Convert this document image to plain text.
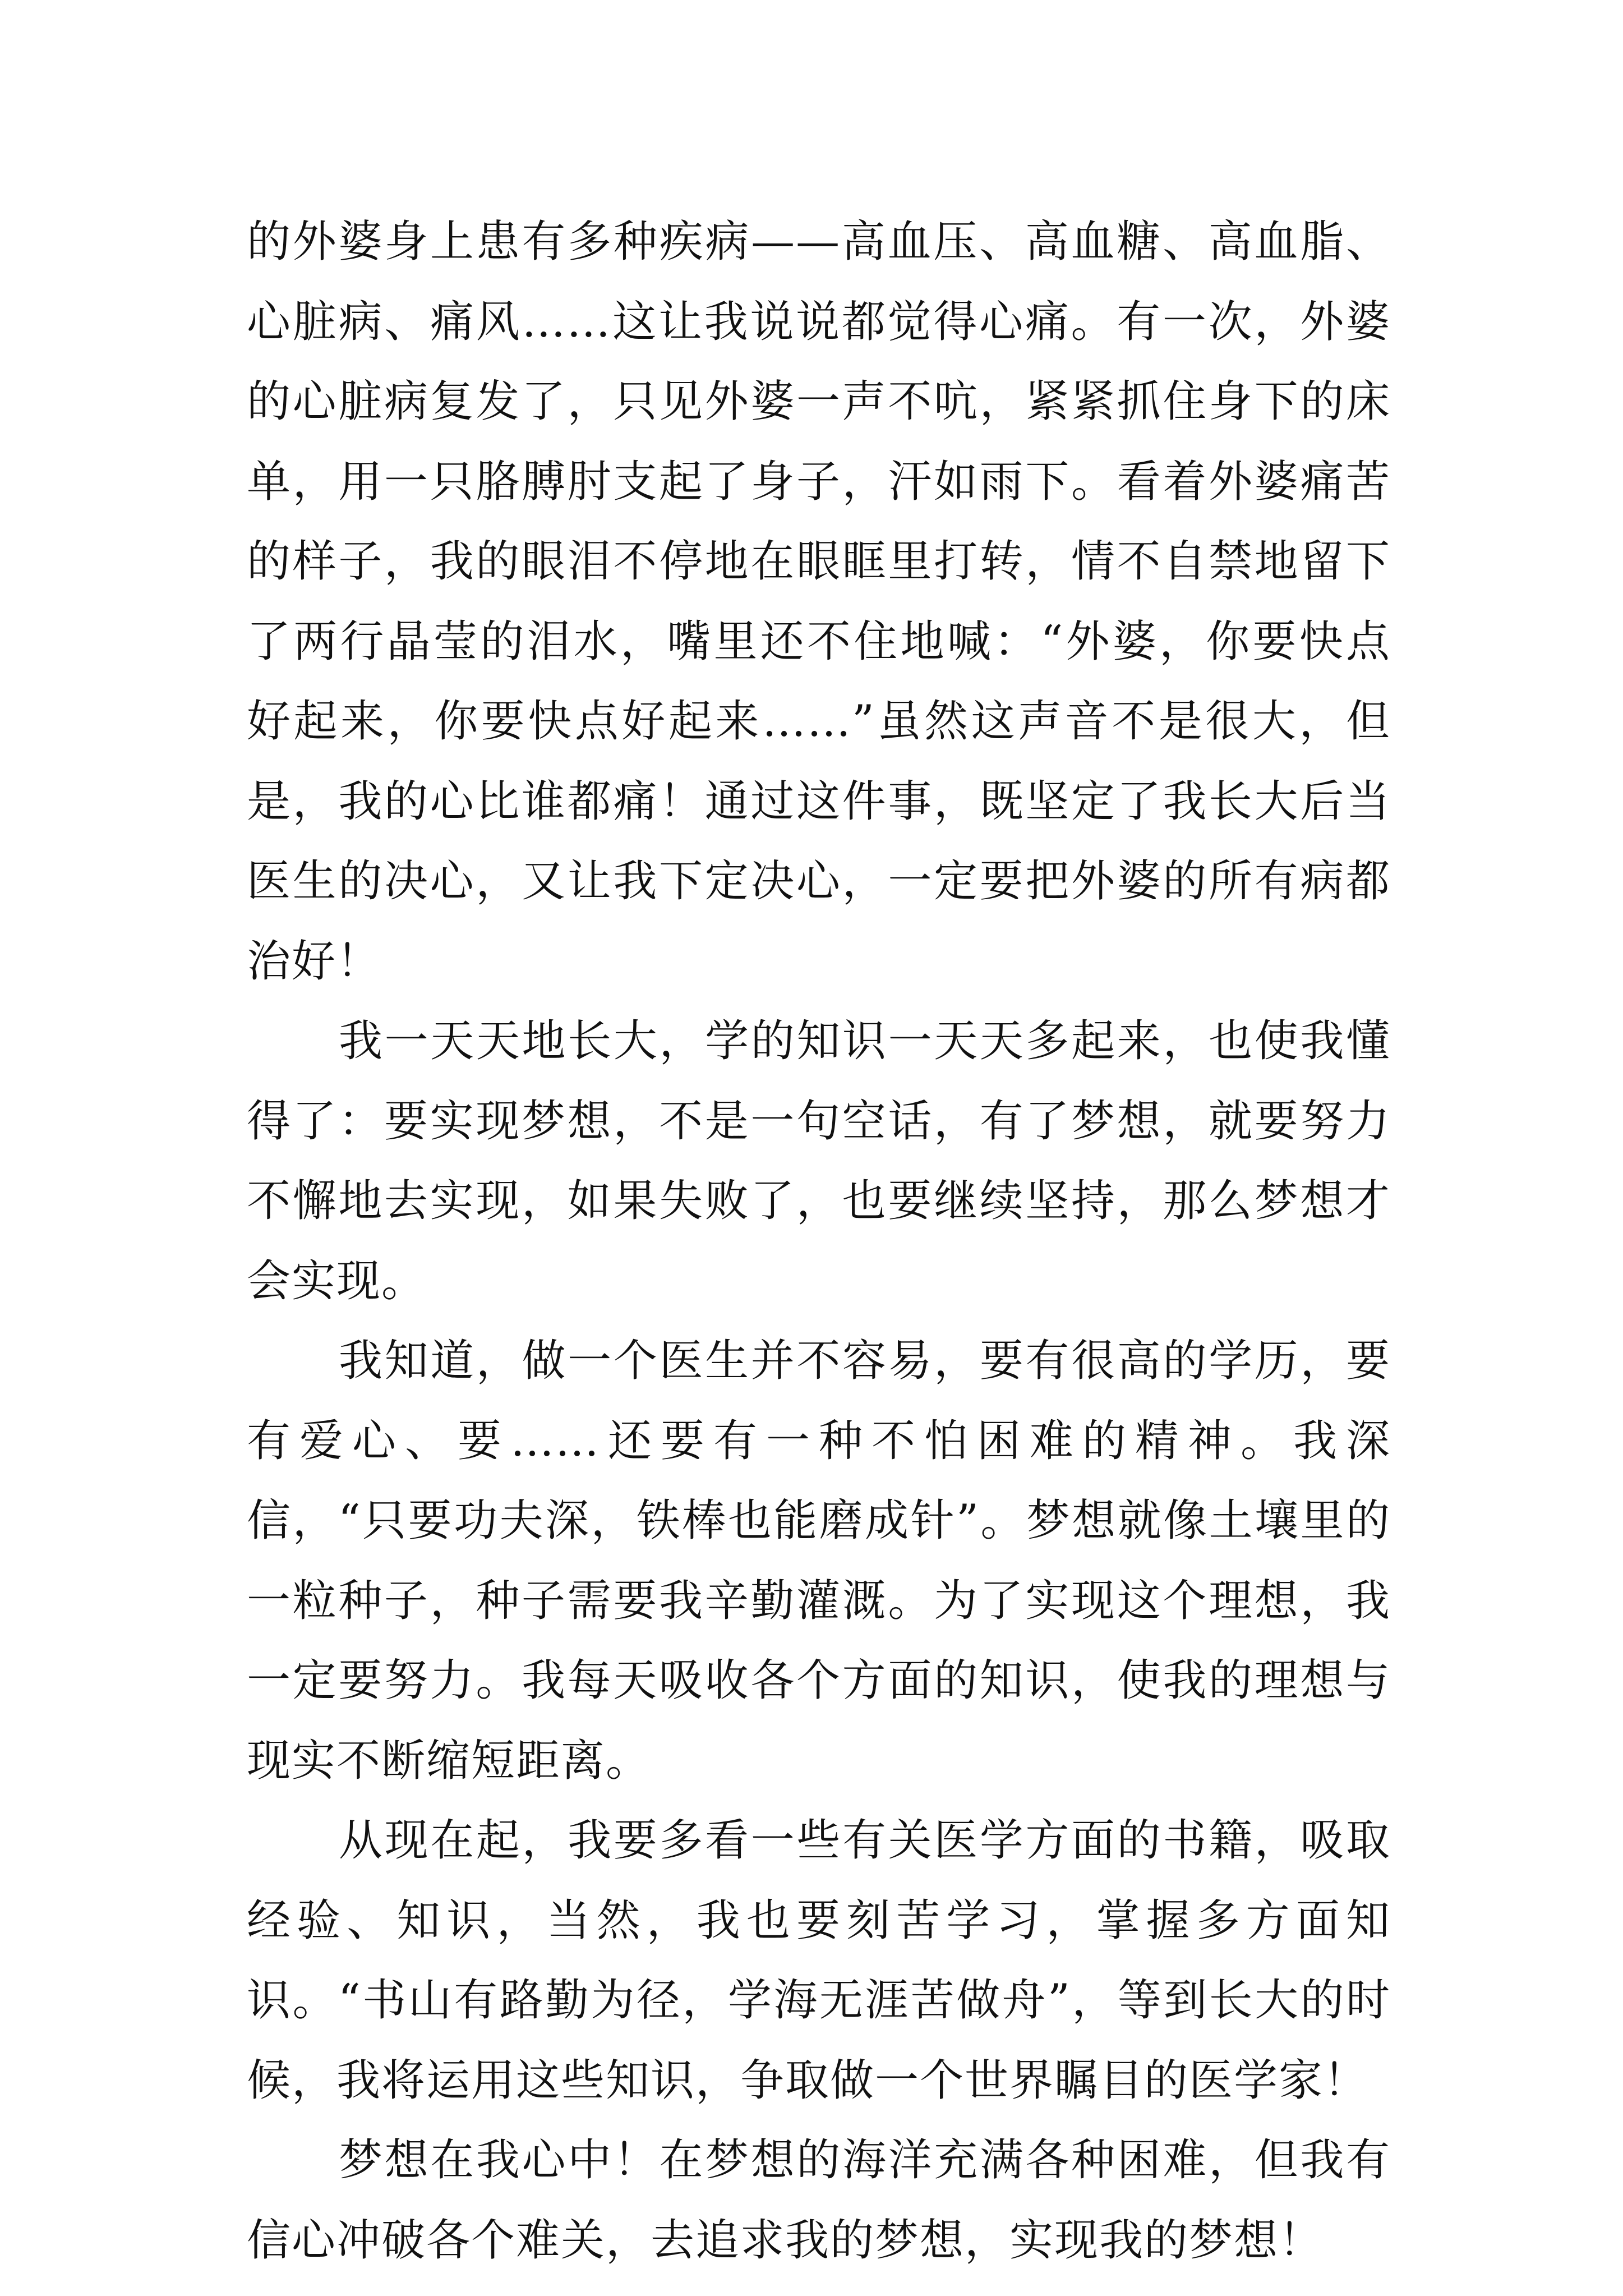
的外婆身上患有多种疾病——高血压、高血糖、高血脂、心脏病、痛风……这让我说说都觉得心痛。有一次，外婆的心脏病复发了，只见外婆一声不吭，紧紧抓住身下的床单，用一只胳膊肘支起了身子，汗如雨下。看着外婆痛苦的样子，我的眼泪不停地在眼眶里打转，情不自禁地留下了两行晶莹的泪水，嘴里还不住地喊：“外婆，你要快点好起来，你要快点好起来……”虽然这声音不是很大，但是，我的心比谁都痛！通过这件事，既坚定了我长大后当医生的决心，又让我下定决心，一定要把外婆的所有病都治好！

我一天天地长大，学的知识一天天多起来，也使我懂得了：要实现梦想，不是一句空话，有了梦想，就要努力不懈地去实现，如果失败了，也要继续坚持，那么梦想才会实现。

我知道，做一个医生并不容易，要有很高的学历，要有爱心、要……还要有一种不怕困难的精神。我深信，“只要功夫深，铁棒也能磨成针”。梦想就像土壤里的一粒种子，种子需要我辛勤灌溉。为了实现这个理想，我一定要努力。我每天吸收各个方面的知识，使我的理想与现实不断缩短距离。

从现在起，我要多看一些有关医学方面的书籍，吸取经验、知识，当然，我也要刻苦学习，掌握多方面知识。“书山有路勤为径，学海无涯苦做舟”，等到长大的时候，我将运用这些知识，争取做一个世界瞩目的医学家！

梦想在我心中！在梦想的海洋充满各种困难，但我有信心冲破各个难关，去追求我的梦想，实现我的梦想！
